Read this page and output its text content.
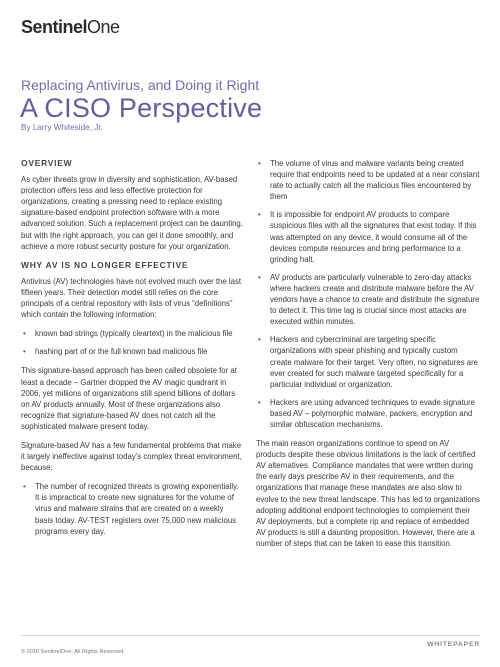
SentinelOne
Replacing Antivirus, and Doing it Right
A CISO Perspective
By Larry Whiteside, Jr.
OVERVIEW

As cyber threats grow in diversity and sophistication, AV-based protection offers less and less effective protection for organizations, creating a pressing need to replace existing signature-based endpoint protection software with a more advanced solution. Such a replacement project can be daunting, but with the right approach, you can get it done smoothly, and achieve a more robust security posture for your organization.

WHY AV IS NO LONGER EFFECTIVE

Antivirus (AV) technologies have not evolved much over the last fifteen years. Their detection model still relies on the core principals of a central repository with lists of virus “definitions” which contain the following information:

• known bad strings (typically cleartext) in the malicious file
• hashing part of or the full known bad malicious file

This signature-based approach has been called obsolete for at least a decade – Gartner dropped the AV magic quadrant in 2006, yet millions of organizations still spend billions of dollars on AV products annually. Most of these organizations also recognize that signature-based AV does not catch all the sophisticated malware present today.

Signature-based AV has a few fundamental problems that make it largely ineffective against today’s complex threat environment, because:

• The number of recognized threats is growing exponentially. It is impractical to create new signatures for the volume of virus and malware strains that are created on a weekly basis today. AV-TEST registers over 75,000 new malicious programs every day.
• The volume of virus and malware variants being created require that endpoints need to be updated at a near constant rate to actually catch all the malicious files encountered by them
• It is impossible for endpoint AV products to compare suspicious files with all the signatures that exist today. If this was attempted on any device, it would consume all of the devices compute resources and bring performance to a grinding halt.
• AV products are particularly vulnerable to zero-day attacks where hackers create and distribute malware before the AV vendors have a chance to create and distribute the signature to detect it. This time lag is crucial since most attacks are executed within minutes.
• Hackers and cybercriminal are targeting specific organizations with spear phishing and typically custom create malware for their target. Very often, no signatures are ever created for such malware targeted specifically for a particular individual or organization.
• Hackers are using advanced techniques to evade signature based AV – polymorphic malware, packers, encryption and similar obfuscation mechanisms.

The main reason organizations continue to spend on AV products despite these obvious limitations is the lack of certified AV alternatives. Compliance mandates that were written during the early days prescribe AV in their requirements, and the organizations that manage these mandates are also slow to evolve to the new threat landscape. This has led to organizations adopting additional endpoint technologies to complement their AV deployments, but a complete rip and replace of embedded AV products is still a daunting proposition. However, there are a number of steps that can be taken to ease this transition.

© 2016 SentinelOne. All Rights Reserved.
WHITEPAPER
